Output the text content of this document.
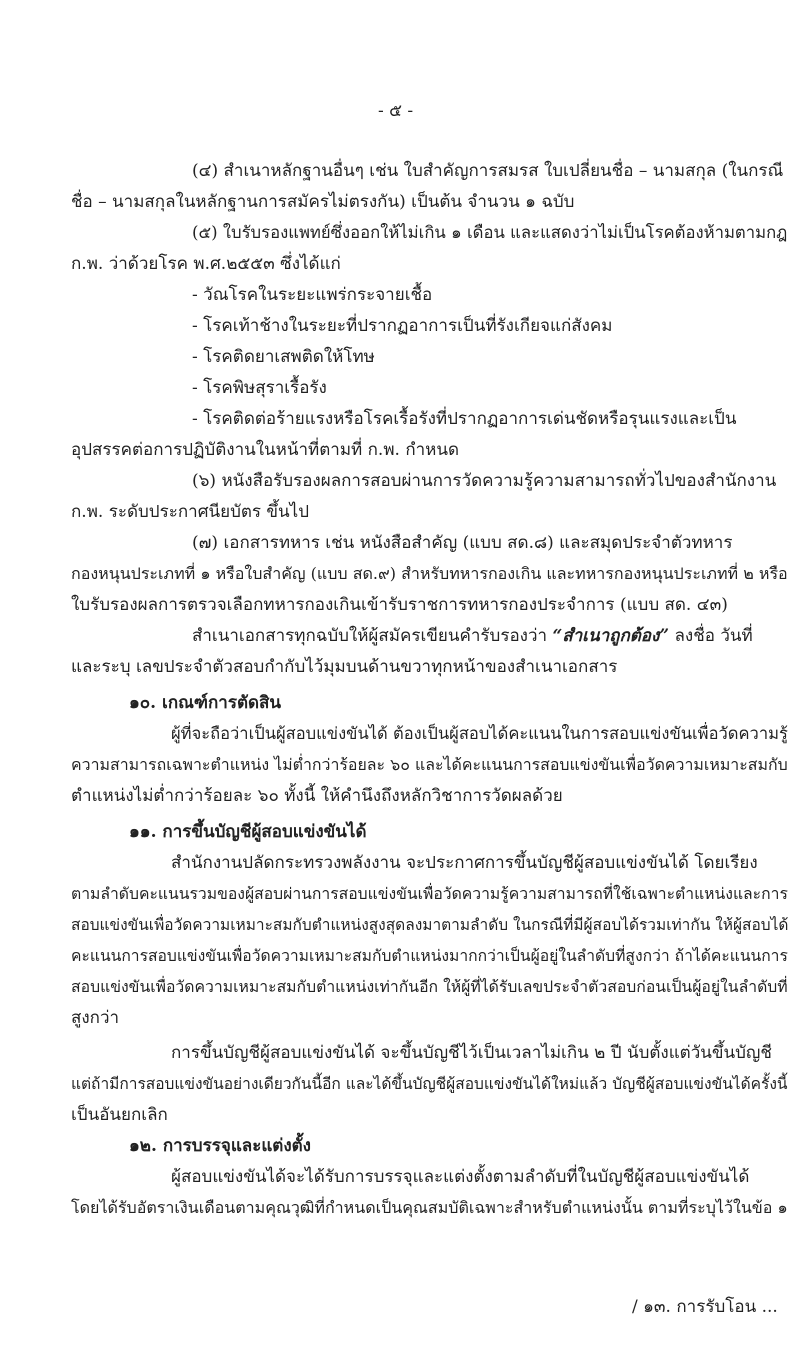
- ๕ -
(๔) สำเนาหลักฐานอื่นๆ เช่น ใบสำคัญการสมรส ใบเปลี่ยนชื่อ – นามสกุล (ในกรณี
ชื่อ – นามสกุลในหลักฐานการสมัครไม่ตรงกัน) เป็นต้น จำนวน ๑ ฉบับ
(๕) ใบรับรองแพทย์ซึ่งออกให้ไม่เกิน ๑ เดือน และแสดงว่าไม่เป็นโรคต้องห้ามตามกฎ
ก.พ. ว่าด้วยโรค พ.ศ.๒๕๕๓ ซึ่งได้แก่
- วัณโรคในระยะแพร่กระจายเชื้อ
- โรคเท้าช้างในระยะที่ปรากฏอาการเป็นที่รังเกียจแก่สังคม
- โรคติดยาเสพติดให้โทษ
- โรคพิษสุราเรื้อรัง
- โรคติดต่อร้ายแรงหรือโรคเรื้อรังที่ปรากฏอาการเด่นชัดหรือรุนแรงและเป็น
อุปสรรคต่อการปฏิบัติงานในหน้าที่ตามที่ ก.พ. กำหนด
(๖) หนังสือรับรองผลการสอบผ่านการวัดความรู้ความสามารถทั่วไปของสำนักงาน
ก.พ. ระดับประกาศนียบัตร ขึ้นไป
(๗) เอกสารทหาร เช่น หนังสือสำคัญ (แบบ สด.๘) และสมุดประจำตัวทหาร
กองหนุนประเภทที่ ๑ หรือใบสำคัญ (แบบ สด.๙) สำหรับทหารกองเกิน และทหารกองหนุนประเภทที่ ๒ หรือ
ใบรับรองผลการตรวจเลือกทหารกองเกินเข้ารับราชการทหารกองประจำการ (แบบ สด. ๔๓)
สำเนาเอกสารทุกฉบับให้ผู้สมัครเขียนคำรับรองว่า “สำเนาถูกต้อง” ลงชื่อ วันที่
และระบุ เลขประจำตัวสอบกำกับไว้มุมบนด้านขวาทุกหน้าของสำเนาเอกสาร
๑๐. เกณฑ์การตัดสิน
ผู้ที่จะถือว่าเป็นผู้สอบแข่งขันได้ ต้องเป็นผู้สอบได้คะแนนในการสอบแข่งขันเพื่อวัดความรู้
ความสามารถเฉพาะตำแหน่ง ไม่ต่ำกว่าร้อยละ ๖๐ และได้คะแนนการสอบแข่งขันเพื่อวัดความเหมาะสมกับ
ตำแหน่งไม่ต่ำกว่าร้อยละ ๖๐ ทั้งนี้ ให้คำนึงถึงหลักวิชาการวัดผลด้วย
๑๑. การขึ้นบัญชีผู้สอบแข่งขันได้
สำนักงานปลัดกระทรวงพลังงาน จะประกาศการขึ้นบัญชีผู้สอบแข่งขันได้ โดยเรียง
ตามลำดับคะแนนรวมของผู้สอบผ่านการสอบแข่งขันเพื่อวัดความรู้ความสามารถที่ใช้เฉพาะตำแหน่งและการ
สอบแข่งขันเพื่อวัดความเหมาะสมกับตำแหน่งสูงสุดลงมาตามลำดับ ในกรณีที่มีผู้สอบได้รวมเท่ากัน ให้ผู้สอบได้
คะแนนการสอบแข่งขันเพื่อวัดความเหมาะสมกับตำแหน่งมากกว่าเป็นผู้อยู่ในลำดับที่สูงกว่า ถ้าได้คะแนนการ
สอบแข่งขันเพื่อวัดความเหมาะสมกับตำแหน่งเท่ากันอีก ให้ผู้ที่ได้รับเลขประจำตัวสอบก่อนเป็นผู้อยู่ในลำดับที่
สูงกว่า
การขึ้นบัญชีผู้สอบแข่งขันได้ จะขึ้นบัญชีไว้เป็นเวลาไม่เกิน ๒ ปี นับตั้งแต่วันขึ้นบัญชี
แต่ถ้ามีการสอบแข่งขันอย่างเดียวกันนี้อีก และได้ขึ้นบัญชีผู้สอบแข่งขันได้ใหม่แล้ว บัญชีผู้สอบแข่งขันได้ครั้งนี้
เป็นอันยกเลิก
๑๒. การบรรจุและแต่งตั้ง
ผู้สอบแข่งขันได้จะได้รับการบรรจุและแต่งตั้งตามลำดับที่ในบัญชีผู้สอบแข่งขันได้
โดยได้รับอัตราเงินเดือนตามคุณวุฒิที่กำหนดเป็นคุณสมบัติเฉพาะสำหรับตำแหน่งนั้น ตามที่ระบุไว้ในข้อ ๑
/ ๑๓. การรับโอน ...
